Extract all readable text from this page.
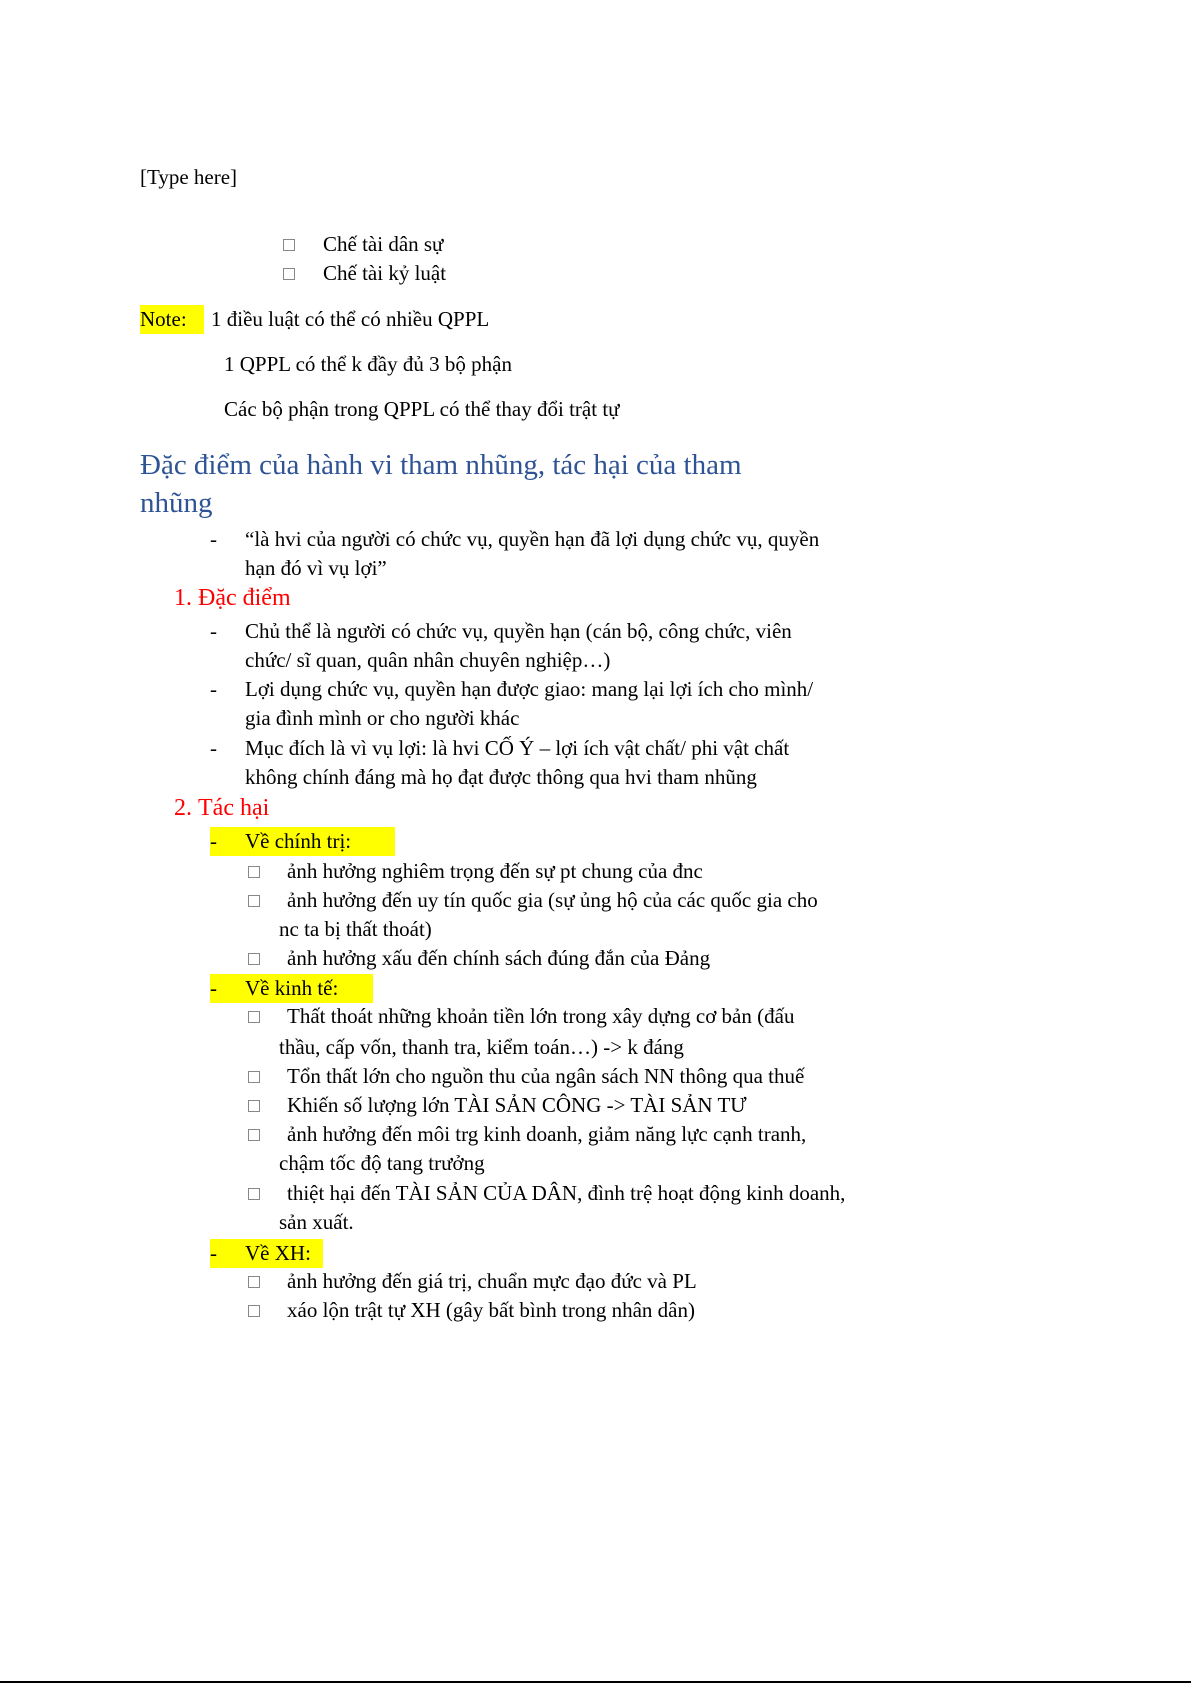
[Type here]
Chế tài dân sự
Chế tài kỷ luật
Note:	1 điều luật có thể có nhiều QPPL
1 QPPL có thể k đầy đủ 3 bộ phận
Các bộ phận trong QPPL có thể thay đổi trật tự
Đặc điểm của hành vi tham nhũng, tác hại của tham
nhũng
- “là hvi của người có chức vụ, quyền hạn đã lợi dụng chức vụ, quyền
hạn đó vì vụ lợi”
1. Đặc điểm
- Chủ thể là người có chức vụ, quyền hạn (cán bộ, công chức, viên
chức/ sĩ quan, quân nhân chuyên nghiệp…)
- Lợi dụng chức vụ, quyền hạn được giao: mang lại lợi ích cho mình/
gia đình mình or cho người khác
- Mục đích là vì vụ lợi: là hvi CỐ Ý – lợi ích vật chất/ phi vật chất
không chính đáng mà họ đạt được thông qua hvi tham nhũng
2. Tác hại
- Về chính trị:
ảnh hưởng nghiêm trọng đến sự pt chung của đnc
ảnh hưởng đến uy tín quốc gia (sự ủng hộ của các quốc gia cho
nc ta bị thất thoát)
ảnh hưởng xấu đến chính sách đúng đắn của Đảng
- Về kinh tế:
Thất thoát những khoản tiền lớn trong xây dựng cơ bản (đấu
thầu, cấp vốn, thanh tra, kiểm toán…) -> k đáng
Tổn thất lớn cho nguồn thu của ngân sách NN thông qua thuế
Khiến số lượng lớn TÀI SẢN CÔNG -> TÀI SẢN TƯ
ảnh hưởng đến môi trg kinh doanh, giảm năng lực cạnh tranh,
chậm tốc độ tang trưởng
thiệt hại đến TÀI SẢN CỦA DÂN, đình trệ hoạt động kinh doanh,
sản xuất.
- Về XH:
ảnh hưởng đến giá trị, chuẩn mực đạo đức và PL
xáo lộn trật tự XH (gây bất bình trong nhân dân)
